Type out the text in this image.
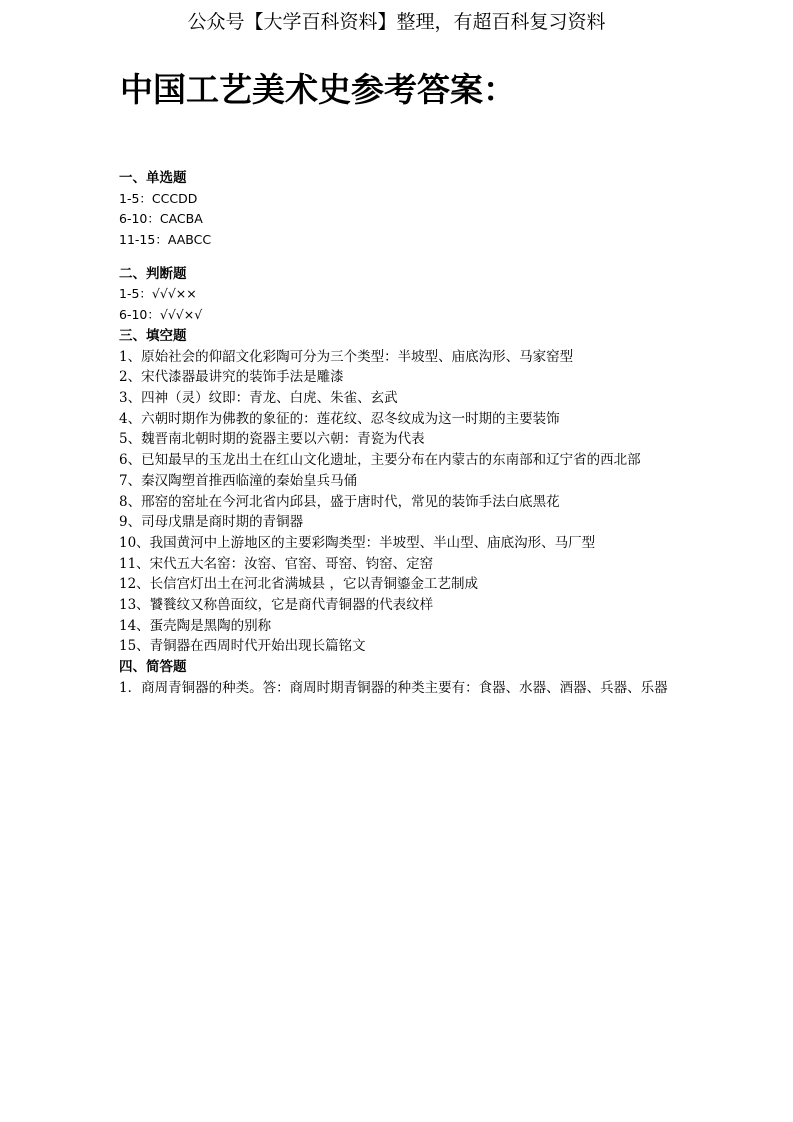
公众号【大学百科资料】整理，有超百科复习资料
中国工艺美术史参考答案：
一、单选题
1-5：CCCDD
6-10：CACBA
11-15：AABCC
二、判断题
1-5：√√√××
6-10：√√√×√
三、填空题
1、原始社会的仰韶文化彩陶可分为三个类型：半坡型、庙底沟形、马家窑型
2、宋代漆器最讲究的装饰手法是雕漆
3、四神（灵）纹即：青龙、白虎、朱雀、玄武
4、六朝时期作为佛教的象征的：莲花纹、忍冬纹成为这一时期的主要装饰
5、魏晋南北朝时期的瓷器主要以六朝：青瓷为代表
6、已知最早的玉龙出土在红山文化遗址，主要分布在内蒙古的东南部和辽宁省的西北部
7、秦汉陶塑首推西临潼的秦始皇兵马俑
8、邢窑的窑址在今河北省内邱县，盛于唐时代，常见的装饰手法白底黑花
9、司母戊鼎是商时期的青铜器
10、我国黄河中上游地区的主要彩陶类型：半坡型、半山型、庙底沟形、马厂型
11、宋代五大名窑：汝窑、官窑、哥窑、钧窑、定窑
12、长信宫灯出土在河北省满城县 ，它以青铜鎏金工艺制成
13、饕餮纹又称兽面纹，它是商代青铜器的代表纹样
14、蛋壳陶是黑陶的别称
15、青铜器在西周时代开始出现长篇铭文
四、简答题
1．商周青铜器的种类。答：商周时期青铜器的种类主要有：食器、水器、酒器、兵器、乐器
